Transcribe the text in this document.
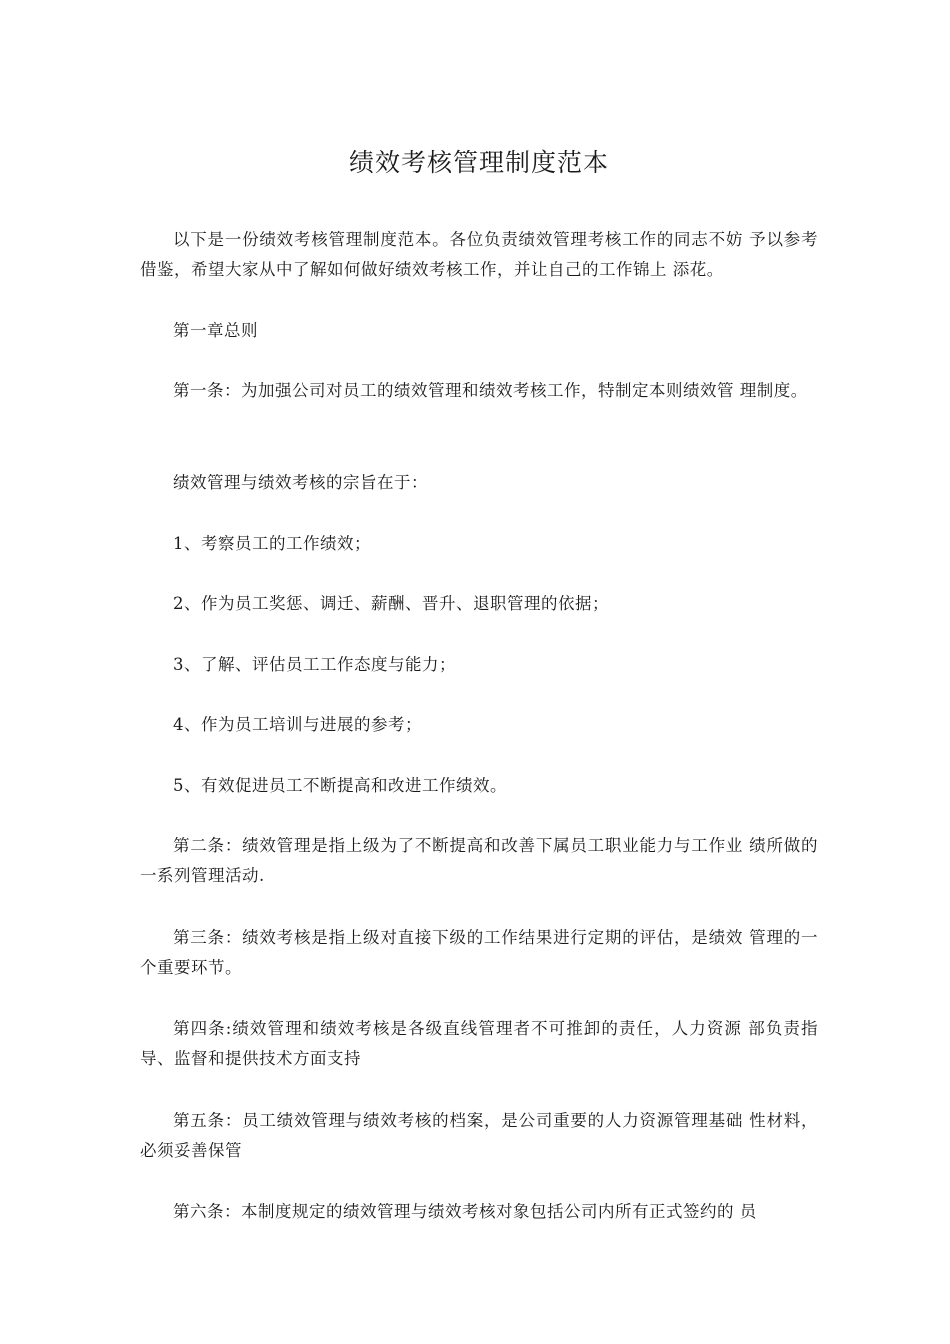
绩效考核管理制度范本

以下是一份绩效考核管理制度范本。各位负责绩效管理考核工作的同志不妨 予以参考借鉴，希望大家从中了解如何做好绩效考核工作，并让自己的工作锦上 添花。

第一章总则

第一条：为加强公司对员工的绩效管理和绩效考核工作，特制定本则绩效管 理制度。

绩效管理与绩效考核的宗旨在于：

1、考察员工的工作绩效；

2、作为员工奖惩、调迁、薪酬、晋升、退职管理的依据；

3、了解、评估员工工作态度与能力；

4、作为员工培训与进展的参考；

5、有效促进员工不断提高和改进工作绩效。

第二条：绩效管理是指上级为了不断提高和改善下属员工职业能力与工作业 绩所做的一系列管理活动.

第三条：绩效考核是指上级对直接下级的工作结果进行定期的评估，是绩效 管理的一个重要环节。

第四条:绩效管理和绩效考核是各级直线管理者不可推卸的责任，人力资源 部负责指导、监督和提供技术方面支持

第五条：员工绩效管理与绩效考核的档案，是公司重要的人力资源管理基础 性材料，必须妥善保管

第六条：本制度规定的绩效管理与绩效考核对象包括公司内所有正式签约的 员
